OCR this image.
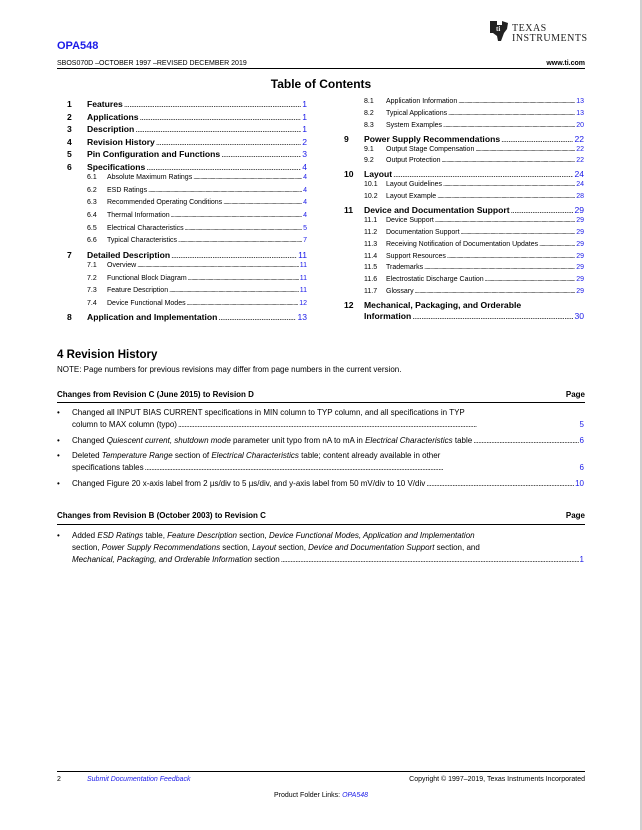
OPA548
SBOS070D –OCTOBER 1997 –REVISED DECEMBER 2019	www.ti.com
ti TEXAS
INSTRUMENTS
Table of Contents
1	Features .....	1
2	Applications .....	1
3	Description .....	1
4	Revision History .....	2
5	Pin Configuration and Functions .....	3
6	Specifications .....	4
6.1	Absolute Maximum Ratings .....	4
6.2	ESD Ratings .....	4
6.3	Recommended Operating Conditions .....	4
6.4	Thermal Information .....	4
6.5	Electrical Characteristics .....	5
6.6	Typical Characteristics .....	7
7	Detailed Description .....	11
7.1	Overview .....	11
7.2	Functional Block Diagram .....	11
7.3	Feature Description .....	11
7.4	Device Functional Modes .....	12
8	Application and Implementation .....	13
8.1	Application Information .....	13
8.2	Typical Applications .....	13
8.3	System Examples .....	20
9	Power Supply Recommendations .....	22
9.1	Output Stage Compensation .....	22
9.2	Output Protection .....	22
10	Layout .....	24
10.1	Layout Guidelines .....	24
10.2	Layout Example .....	28
11	Device and Documentation Support .....	29
11.1	Device Support .....	29
11.2	Documentation Support .....	29
11.3	Receiving Notification of Documentation Updates .....	29
11.4	Support Resources .....	29
11.5	Trademarks .....	29
11.6	Electrostatic Discharge Caution .....	29
11.7	Glossary .....	29
12	Mechanical, Packaging, and Orderable
Information .....	30
4 Revision History
NOTE: Page numbers for previous revisions may differ from page numbers in the current version.
Changes from Revision C (June 2015) to Revision D	Page
• Changed all INPUT BIAS CURRENT specifications in MIN column to TYP column, and all specifications in TYP
column to MAX column (typo) .....	5
• Changed Quiescent current, shutdown mode parameter unit typo from nA to mA in Electrical Characteristics table .....	6
• Deleted Temperature Range section of Electrical Characteristics table; content already available in other
specifications tables .....	6
• Changed Figure 20 x-axis label from 2 µs/div to 5 µs/div, and y-axis label from 50 mV/div to 10 V/div .....	10
Changes from Revision B (October 2003) to Revision C	Page
• Added ESD Ratings table, Feature Description section, Device Functional Modes, Application and Implementation
section, Power Supply Recommendations section, Layout section, Device and Documentation Support section, and
Mechanical, Packaging, and Orderable Information section .....	1
2	Submit Documentation Feedback	Copyright © 1997–2019, Texas Instruments Incorporated
Product Folder Links: OPA548
